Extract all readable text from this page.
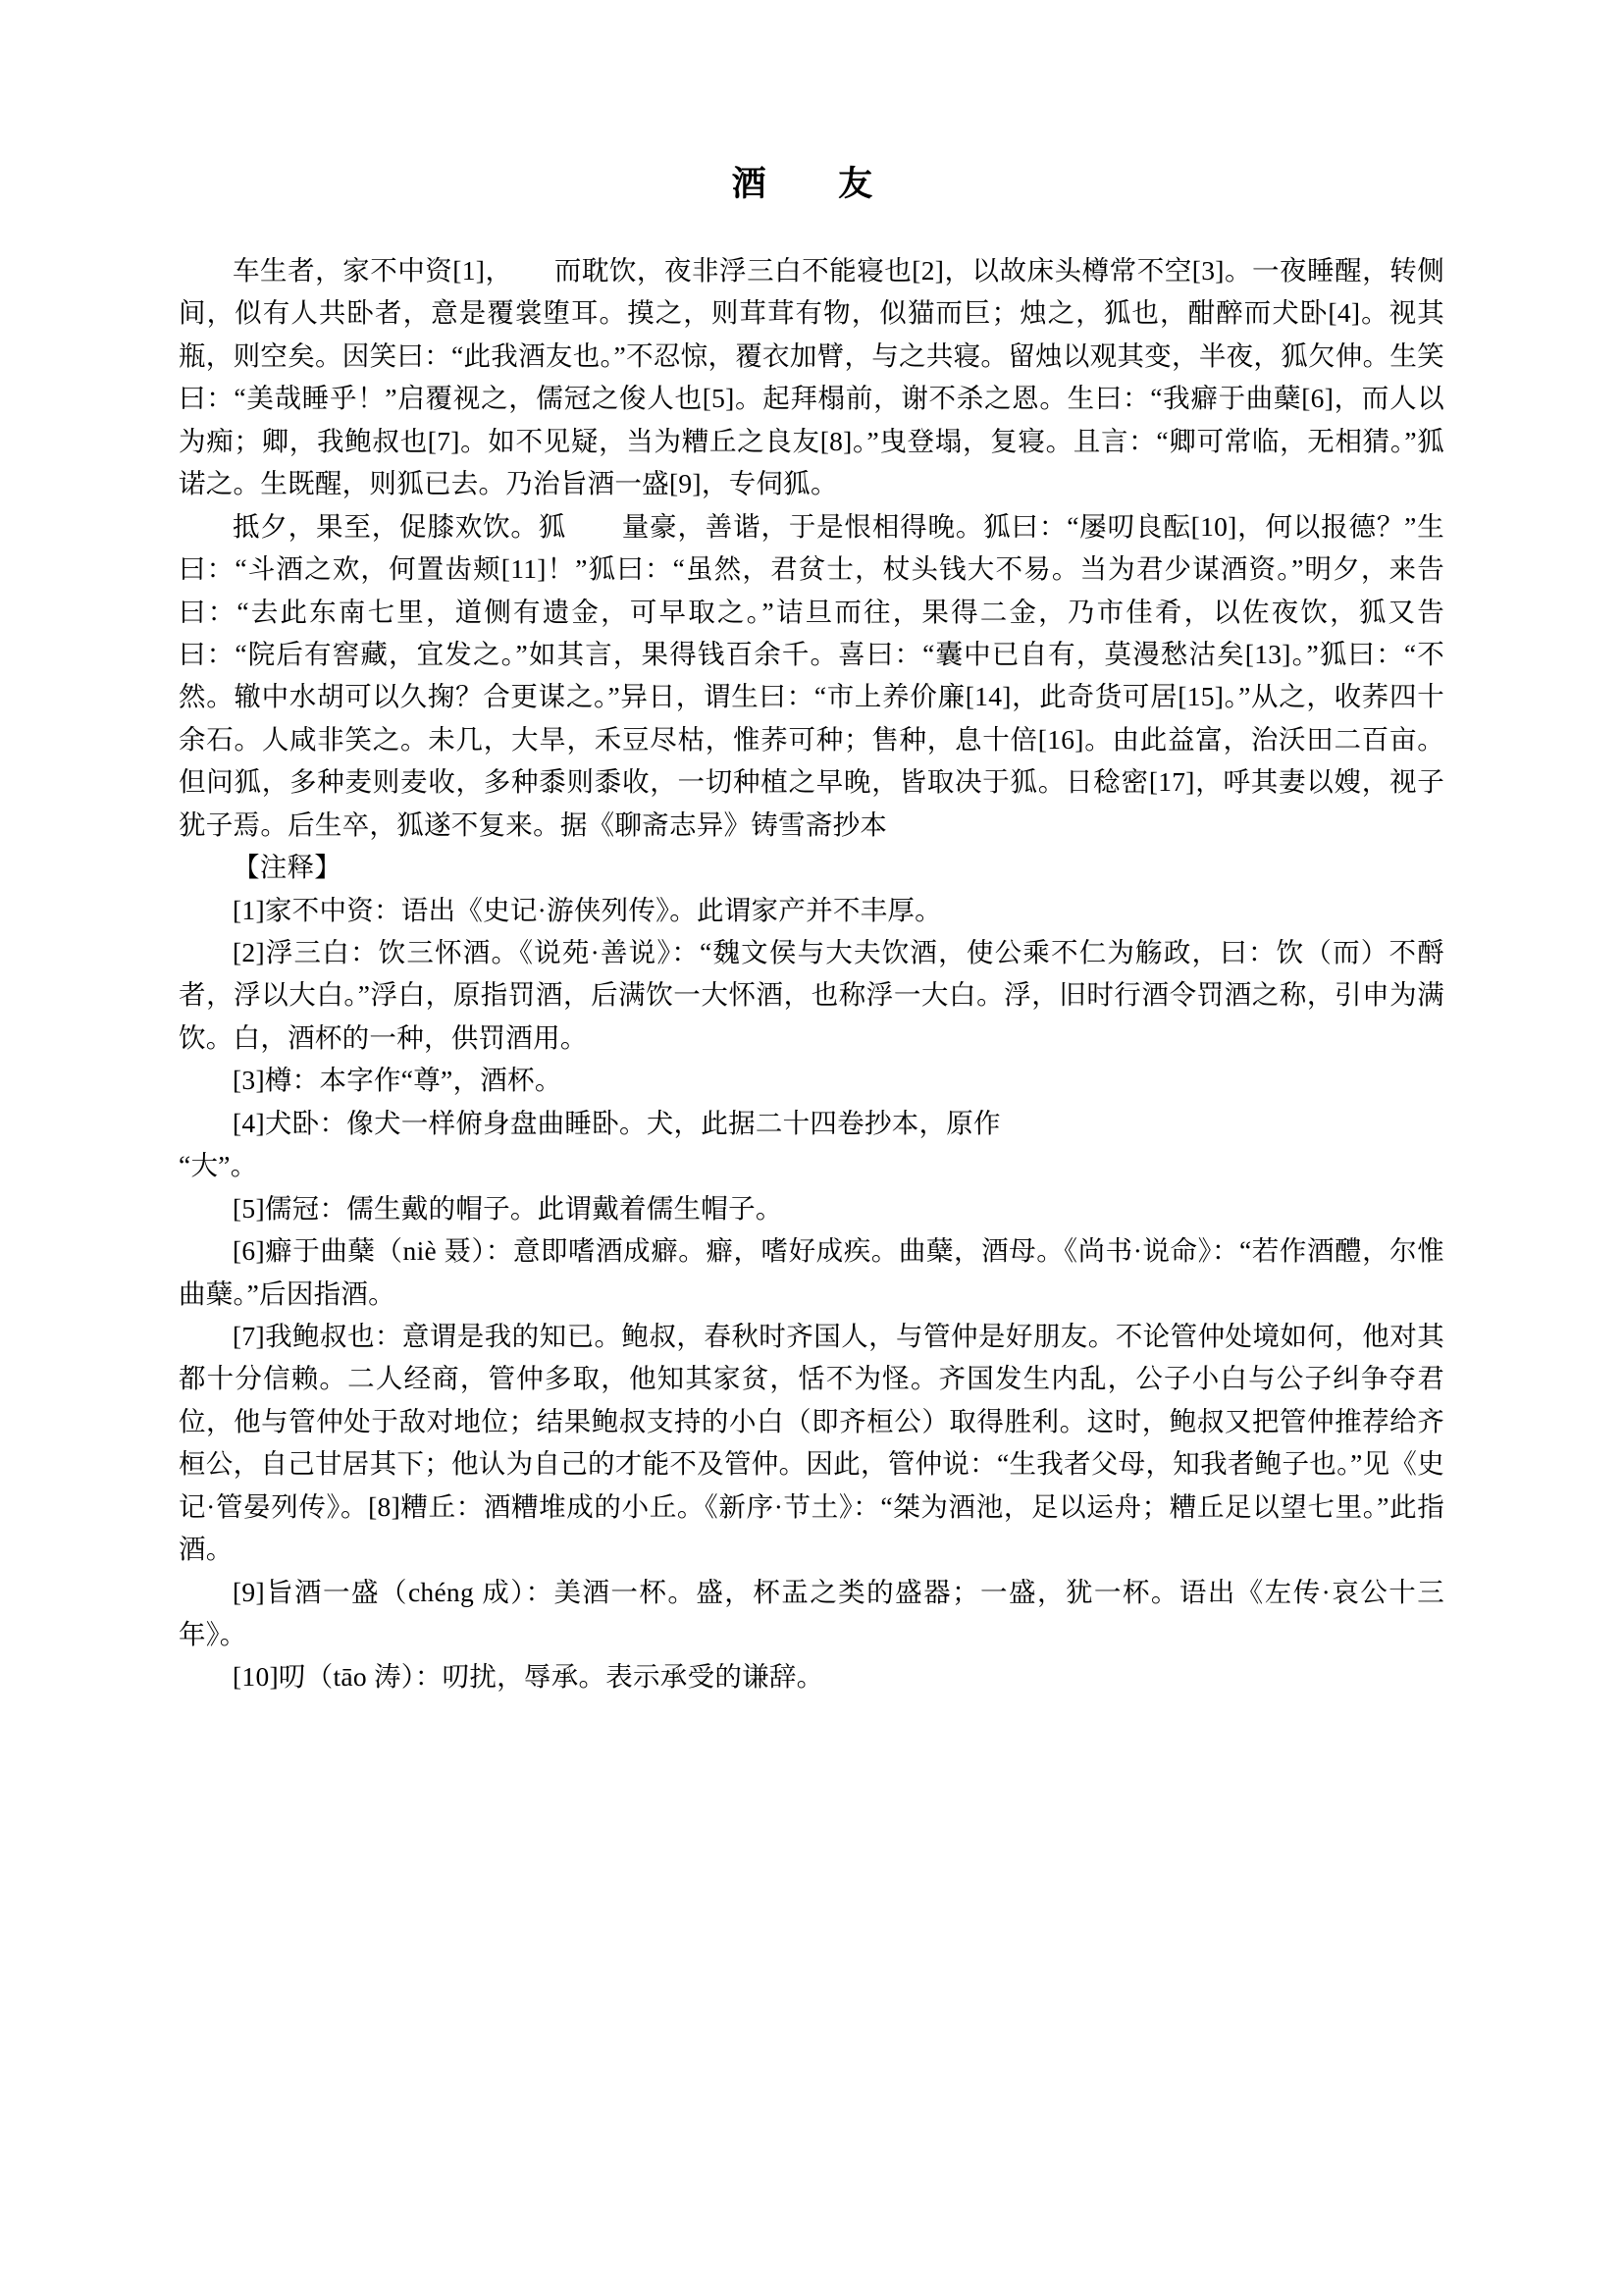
酒　友

车生者，家不中资[1]，　　而耽饮，夜非浮三白不能寝也[2]，以故床头樽常不空[3]。一夜睡醒，转侧间，似有人共卧者，意是覆裳堕耳。摸之，则茸茸有物，似猫而巨；烛之，狐也，酣醉而犬卧[4]。视其瓶，则空矣。因笑曰：“此我酒友也。”不忍惊，覆衣加臂，与之共寝。留烛以观其变，半夜，狐欠伸。生笑曰：“美哉睡乎！”启覆视之，儒冠之俊人也[5]。起拜榻前，谢不杀之恩。生曰：“我癖于曲蘖[6]，而人以为痴；卿，我鲍叔也[7]。如不见疑，当为糟丘之良友[8]。”曳登塌，复寝。且言：“卿可常临，无相猜。”狐诺之。生既醒，则狐已去。乃治旨酒一盛[9]，专伺狐。

抵夕，果至，促膝欢饮。狐　　量豪，善谐，于是恨相得晚。狐曰：“屡叨良酝[10]，何以报德？”生曰：“斗酒之欢，何置齿颊[11]！”狐曰：“虽然，君贫士，杖头钱大不易。当为君少谋酒资。”明夕，来告曰：“去此东南七里，道侧有遗金，可早取之。”诘旦而往，果得二金，乃市佳肴，以佐夜饮，狐又告曰：“院后有窖藏，宜发之。”如其言，果得钱百余千。喜曰：“囊中已自有，莫漫愁沽矣[13]。”狐曰：“不然。辙中水胡可以久掬？合更谋之。”异日，谓生曰：“市上养价廉[14]，此奇货可居[15]。”从之，收荞四十余石。人咸非笑之。未几，大旱，禾豆尽枯，惟荞可种；售种，息十倍[16]。由此益富，治沃田二百亩。但问狐，多种麦则麦收，多种黍则黍收，一切种植之早晚，皆取决于狐。日稔密[17]，呼其妻以嫂，视子犹子焉。后生卒，狐遂不复来。据《聊斋志异》铸雪斋抄本

【注释】

[1]家不中资：语出《史记·游侠列传》。此谓家产并不丰厚。

[2]浮三白：饮三怀酒。《说苑·善说》：“魏文侯与大夫饮酒，使公乘不仁为觞政，曰：饮（而）不酹者，浮以大白。”浮白，原指罚酒，后满饮一大怀酒，也称浮一大白。浮，旧时行酒令罚酒之称，引申为满饮。白，酒杯的一种，供罚酒用。

[3]樽：本字作“尊”，酒杯。

[4]犬卧：像犬一样俯身盘曲睡卧。犬，此据二十四卷抄本，原作

“大”。

[5]儒冠：儒生戴的帽子。此谓戴着儒生帽子。

[6]癖于曲蘖（niè 聂）：意即嗜酒成癖。癖，嗜好成疾。曲蘖，酒母。《尚书·说命》：“若作酒醴，尔惟曲蘖。”后因指酒。

[7]我鲍叔也：意谓是我的知已。鲍叔，春秋时齐国人，与管仲是好朋友。不论管仲处境如何，他对其都十分信赖。二人经商，管仲多取，他知其家贫，恬不为怪。齐国发生内乱，公子小白与公子纠争夺君位，他与管仲处于敌对地位；结果鲍叔支持的小白（即齐桓公）取得胜利。这时，鲍叔又把管仲推荐给齐桓公，自己甘居其下；他认为自己的才能不及管仲。因此，管仲说：“生我者父母，知我者鲍子也。”见《史记·管晏列传》。[8]糟丘：酒糟堆成的小丘。《新序·节土》：“桀为酒池，足以运舟；糟丘足以望七里。”此指酒。

[9]旨酒一盛（chéng 成）：美酒一杯。盛，杯盂之类的盛器；一盛，犹一杯。语出《左传·哀公十三年》。

[10]叨（tāo 涛）：叨扰，辱承。表示承受的谦辞。
